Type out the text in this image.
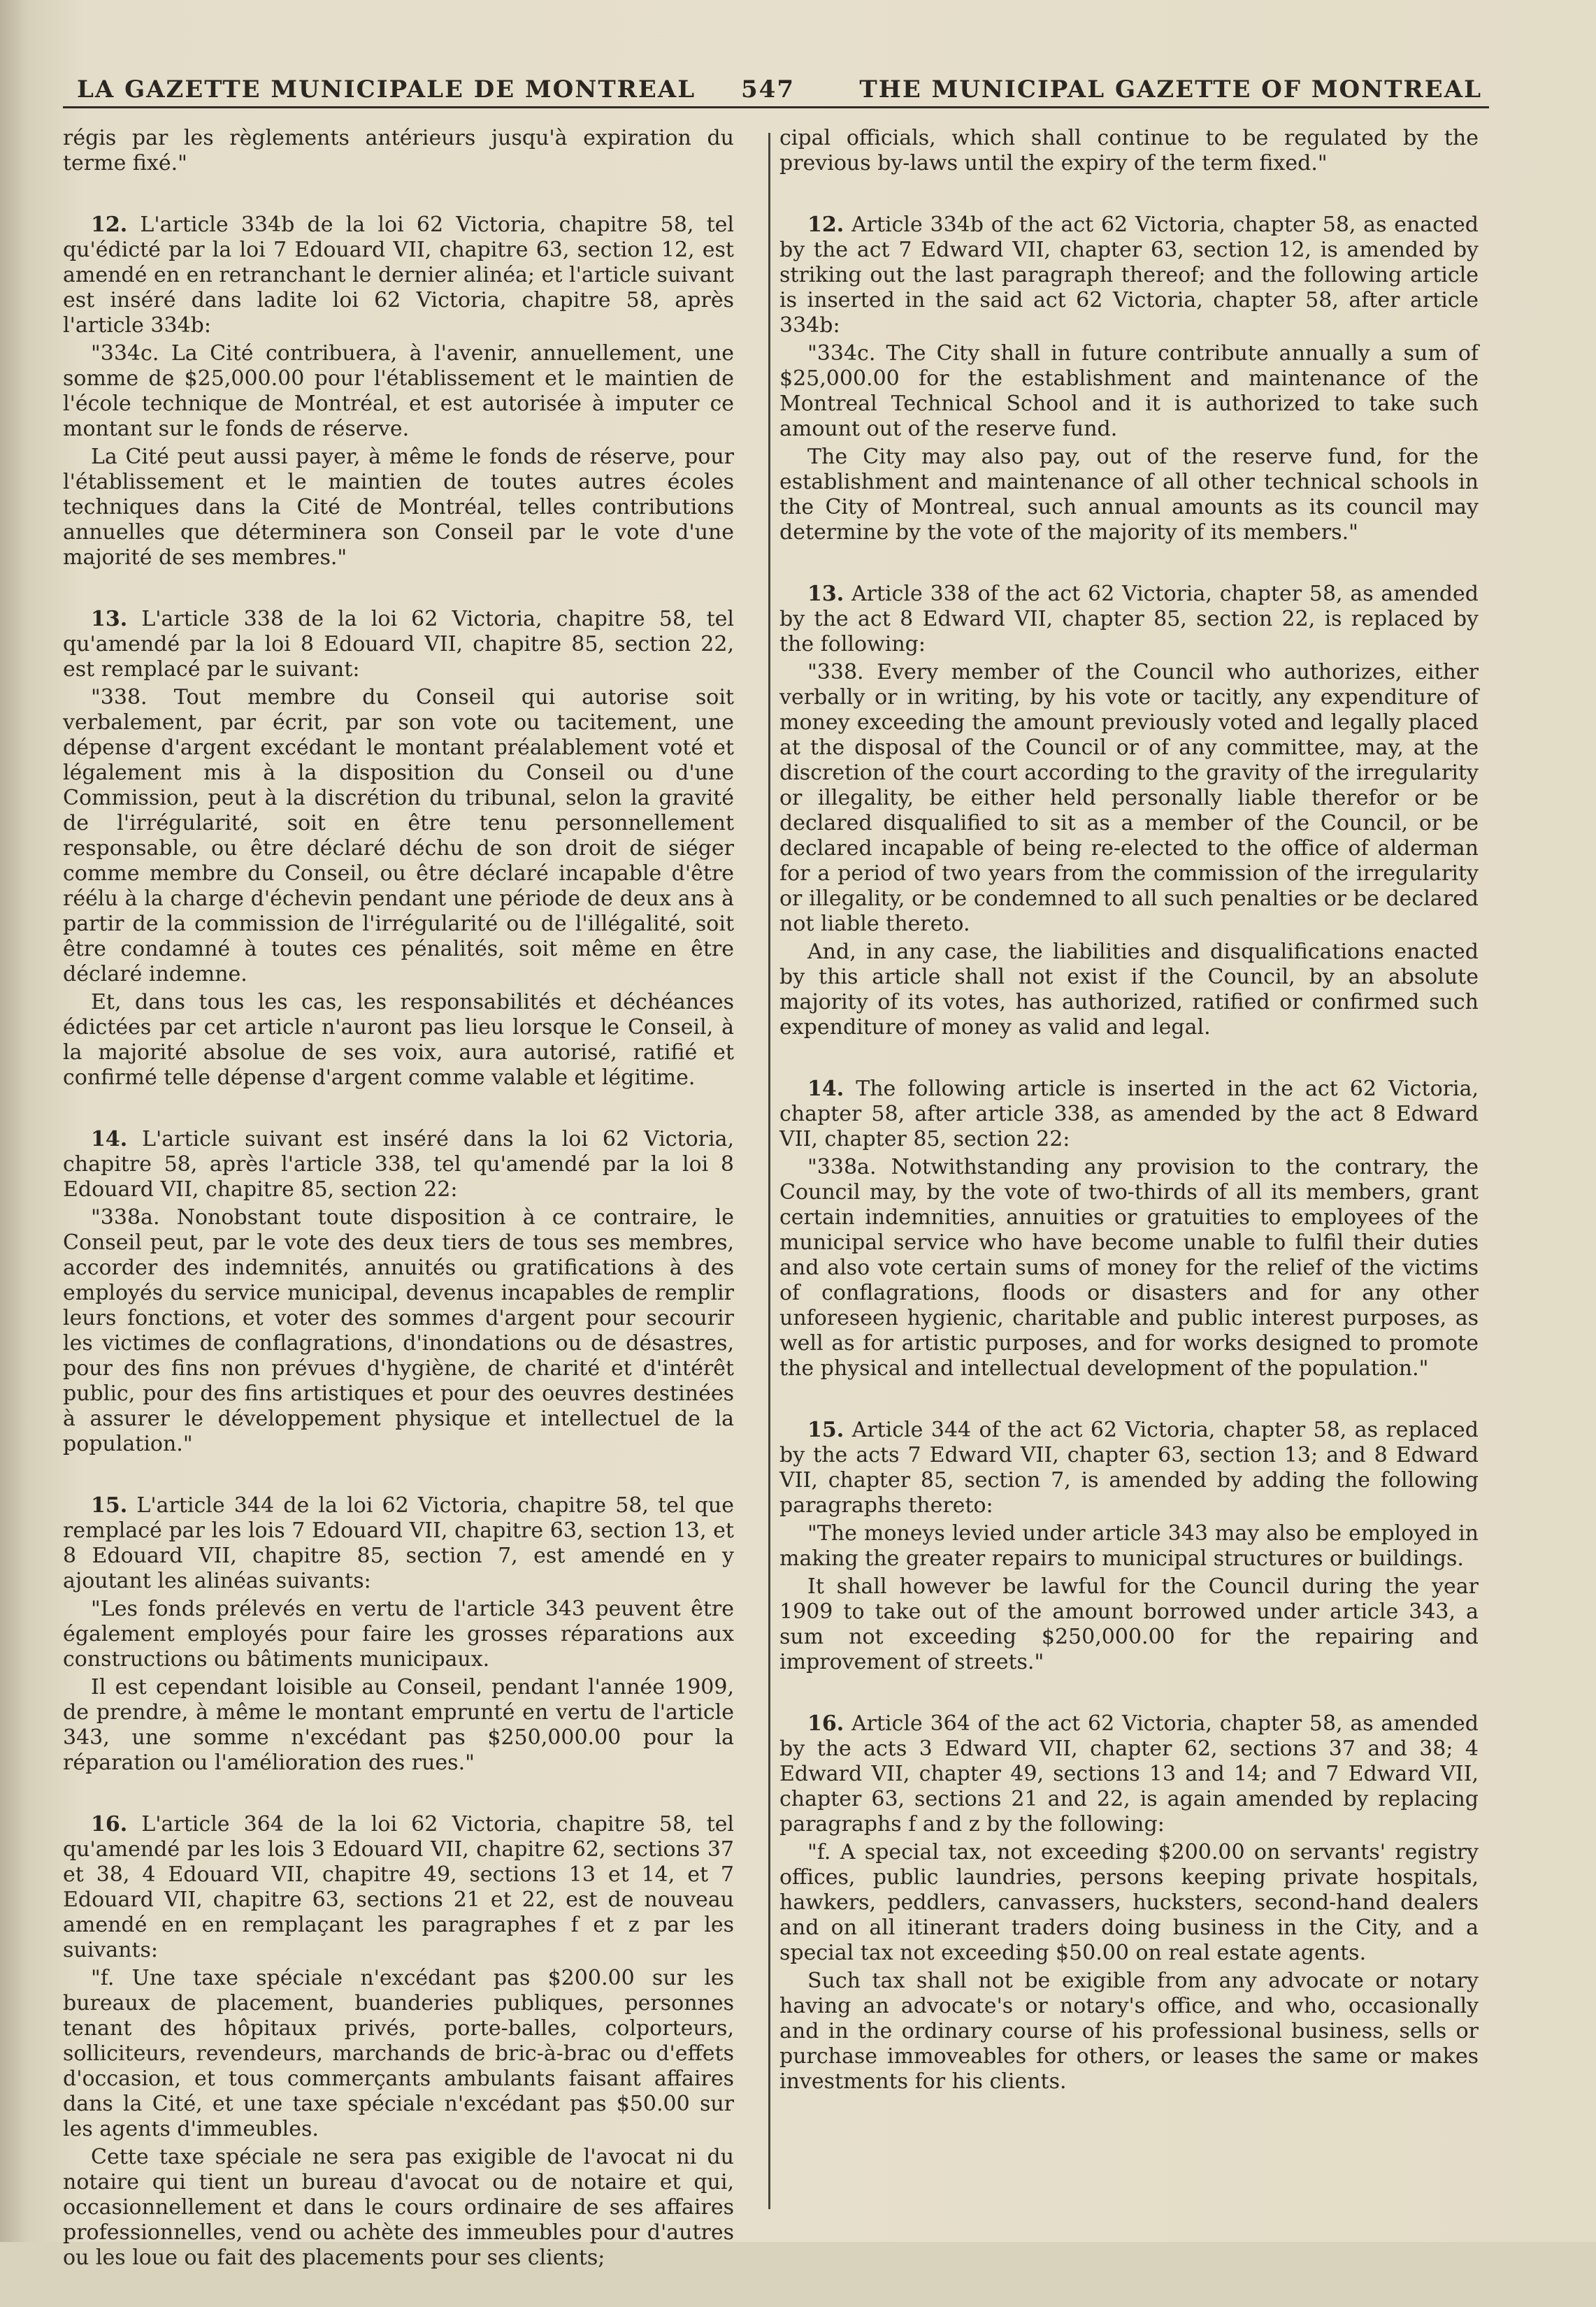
LA GAZETTE MUNICIPALE DE MONTREAL 547	THE MUNICIPAL GAZETTE OF MONTREAL

régis par les règlements antérieurs jusqu'à expiration du terme fixé."

12. L'article 334b de la loi 62 Victoria, chapitre 58, tel qu'édicté par la loi 7 Edouard VII, chapitre 63, section 12, est amendé en en retranchant le dernier alinéa; et l'article suivant est inséré dans ladite loi 62 Victoria, chapitre 58, après l'article 334b:

"334c. La Cité contribuera, à l'avenir, annuellement, une somme de $25,000.00 pour l'établissement et le maintien de l'école technique de Montréal, et est autorisée à imputer ce montant sur le fonds de réserve.

La Cité peut aussi payer, à même le fonds de réserve, pour l'établissement et le maintien de toutes autres écoles techniques dans la Cité de Montréal, telles contributions annuelles que déterminera son Conseil par le vote d'une majorité de ses membres."

13. L'article 338 de la loi 62 Victoria, chapitre 58, tel qu'amendé par la loi 8 Edouard VII, chapitre 85, section 22, est remplacé par le suivant:

"338. Tout membre du Conseil qui autorise soit verbalement, par écrit, par son vote ou tacitement, une dépense d'argent excédant le montant préalablement voté et légalement mis à la disposition du Conseil ou d'une Commission, peut à la discrétion du tribunal, selon la gravité de l'irrégularité, soit en être tenu personnellement responsable, ou être déclaré déchu de son droit de siéger comme membre du Conseil, ou être déclaré incapable d'être réélu à la charge d'échevin pendant une période de deux ans à partir de la commission de l'irrégularité ou de l'illégalité, soit être condamné à toutes ces pénalités, soit même en être déclaré indemne.

Et, dans tous les cas, les responsabilités et déchéances édictées par cet article n'auront pas lieu lorsque le Conseil, à la majorité absolue de ses voix, aura autorisé, ratifié et confirmé telle dépense d'argent comme valable et légitime.

14. L'article suivant est inséré dans la loi 62 Victoria, chapitre 58, après l'article 338, tel qu'amendé par la loi 8 Edouard VII, chapitre 85, section 22:

"338a. Nonobstant toute disposition à ce contraire, le Conseil peut, par le vote des deux tiers de tous ses membres, accorder des indemnités, annuités ou gratifications à des employés du service municipal, devenus incapables de remplir leurs fonctions, et voter des sommes d'argent pour secourir les victimes de conflagrations, d'inondations ou de désastres, pour des fins non prévues d'hygiène, de charité et d'intérêt public, pour des fins artistiques et pour des oeuvres destinées à assurer le développement physique et intellectuel de la population."

15. L'article 344 de la loi 62 Victoria, chapitre 58, tel que remplacé par les lois 7 Edouard VII, chapitre 63, section 13, et 8 Edouard VII, chapitre 85, section 7, est amendé en y ajoutant les alinéas suivants:

"Les fonds prélevés en vertu de l'article 343 peuvent être également employés pour faire les grosses réparations aux constructions ou bâtiments municipaux.

Il est cependant loisible au Conseil, pendant l'année 1909, de prendre, à même le montant emprunté en vertu de l'article 343, une somme n'excédant pas $250,000.00 pour la réparation ou l'amélioration des rues."

16. L'article 364 de la loi 62 Victoria, chapitre 58, tel qu'amendé par les lois 3 Edouard VII, chapitre 62, sections 37 et 38, 4 Edouard VII, chapitre 49, sections 13 et 14, et 7 Edouard VII, chapitre 63, sections 21 et 22, est de nouveau amendé en en remplaçant les paragraphes f et z par les suivants:

"f. Une taxe spéciale n'excédant pas $200.00 sur les bureaux de placement, buanderies publiques, personnes tenant des hôpitaux privés, porte-balles, colporteurs, solliciteurs, revendeurs, marchands de bric-à-brac ou d'effets d'occasion, et tous commerçants ambulants faisant affaires dans la Cité, et une taxe spéciale n'excédant pas $50.00 sur les agents d'immeubles.

Cette taxe spéciale ne sera pas exigible de l'avocat ni du notaire qui tient un bureau d'avocat ou de notaire et qui, occasionnellement et dans le cours ordinaire de ses affaires professionnelles, vend ou achète des immeubles pour d'autres ou les loue ou fait des placements pour ses clients;

cipal officials, which shall continue to be regulated by the previous by-laws until the expiry of the term fixed."

12. Article 334b of the act 62 Victoria, chapter 58, as enacted by the act 7 Edward VII, chapter 63, section 12, is amended by striking out the last paragraph thereof; and the following article is inserted in the said act 62 Victoria, chapter 58, after article 334b:

"334c. The City shall in future contribute annually a sum of $25,000.00 for the establishment and maintenance of the Montreal Technical School and it is authorized to take such amount out of the reserve fund.

The City may also pay, out of the reserve fund, for the establishment and maintenance of all other technical schools in the City of Montreal, such annual amounts as its council may determine by the vote of the majority of its members."

13. Article 338 of the act 62 Victoria, chapter 58, as amended by the act 8 Edward VII, chapter 85, section 22, is replaced by the following:

"338. Every member of the Council who authorizes, either verbally or in writing, by his vote or tacitly, any expenditure of money exceeding the amount previously voted and legally placed at the disposal of the Council or of any committee, may, at the discretion of the court according to the gravity of the irregularity or illegality, be either held personally liable therefor or be declared disqualified to sit as a member of the Council, or be declared incapable of being re-elected to the office of alderman for a period of two years from the commission of the irregularity or illegality, or be condemned to all such penalties or be declared not liable thereto.

And, in any case, the liabilities and disqualifications enacted by this article shall not exist if the Council, by an absolute majority of its votes, has authorized, ratified or confirmed such expenditure of money as valid and legal.

14. The following article is inserted in the act 62 Victoria, chapter 58, after article 338, as amended by the act 8 Edward VII, chapter 85, section 22:

"338a. Notwithstanding any provision to the contrary, the Council may, by the vote of two-thirds of all its members, grant certain indemnities, annuities or gratuities to employees of the municipal service who have become unable to fulfil their duties and also vote certain sums of money for the relief of the victims of conflagrations, floods or disasters and for any other unforeseen hygienic, charitable and public interest purposes, as well as for artistic purposes, and for works designed to promote the physical and intellectual development of the population."

15. Article 344 of the act 62 Victoria, chapter 58, as replaced by the acts 7 Edward VII, chapter 63, section 13; and 8 Edward VII, chapter 85, section 7, is amended by adding the following paragraphs thereto:

"The moneys levied under article 343 may also be employed in making the greater repairs to municipal structures or buildings.

It shall however be lawful for the Council during the year 1909 to take out of the amount borrowed under article 343, a sum not exceeding $250,000.00 for the repairing and improvement of streets."

16. Article 364 of the act 62 Victoria, chapter 58, as amended by the acts 3 Edward VII, chapter 62, sections 37 and 38; 4 Edward VII, chapter 49, sections 13 and 14; and 7 Edward VII, chapter 63, sections 21 and 22, is again amended by replacing paragraphs f and z by the following:

"f. A special tax, not exceeding $200.00 on servants' registry offices, public laundries, persons keeping private hospitals, hawkers, peddlers, canvassers, hucksters, second-hand dealers and on all itinerant traders doing business in the City, and a special tax not exceeding $50.00 on real estate agents.

Such tax shall not be exigible from any advocate or notary having an advocate's or notary's office, and who, occasionally and in the ordinary course of his professional business, sells or purchase immoveables for others, or leases the same or makes investments for his clients.
